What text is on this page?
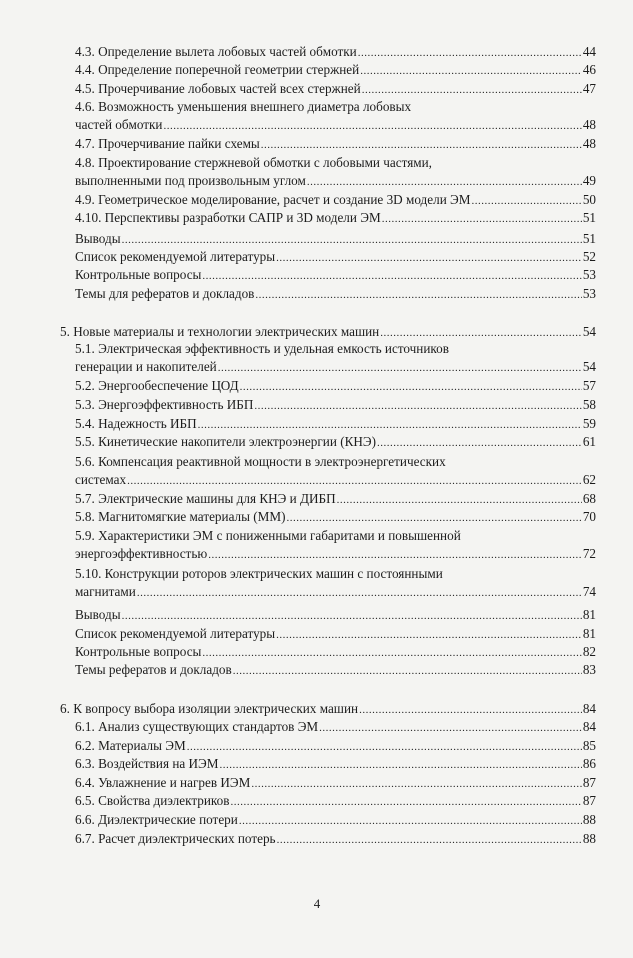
4.3. Определение вылета лобовых частей обмотки .....	44
4.4. Определение поперечной геометрии стержней .....	46
4.5. Прочерчивание лобовых частей всех стержней .....	47
4.6. Возможность уменьшения внешнего диаметра лобовых
частей обмотки .....	48
4.7. Прочерчивание пайки схемы .....	48
4.8. Проектирование стержневой обмотки с лобовыми частями,
выполненными под произвольным углом .....	49
4.9. Геометрическое моделирование, расчет и создание 3D модели ЭМ .....	50
4.10. Перспективы разработки САПР и 3D модели ЭМ .....	51
Выводы .....	51
Список рекомендуемой литературы .....	52
Контрольные вопросы .....	53
Темы для рефератов и докладов .....	53
5. Новые материалы и технологии электрических машин .....	54
5.1. Электрическая эффективность и удельная емкость источников
генерации и накопителей .....	54
5.2. Энергообеспечение ЦОД .....	57
5.3. Энергоэффективность ИБП .....	58
5.4. Надежность ИБП .....	59
5.5. Кинетические накопители электроэнергии (КНЭ) .....	61
5.6. Компенсация реактивной мощности в электроэнергетических
системах .....	62
5.7. Электрические машины для КНЭ и ДИБП .....	68
5.8. Магнитомягкие материалы (ММ) .....	70
5.9. Характеристики ЭМ с пониженными габаритами и повышенной
энергоэффективностью .....	72
5.10. Конструкции роторов электрических машин с постоянными
магнитами .....	74
Выводы .....	81
Список рекомендуемой литературы .....	81
Контрольные вопросы .....	82
Темы рефератов и докладов .....	83
6. К вопросу выбора изоляции электрических машин .....	84
6.1. Анализ существующих стандартов ЭМ .....	84
6.2. Материалы ЭМ .....	85
6.3. Воздействия на ИЭМ .....	86
6.4. Увлажнение и нагрев ИЭМ .....	87
6.5. Свойства диэлектриков .....	87
6.6. Диэлектрические потери .....	88
6.7. Расчет диэлектрических потерь .....	88
4
